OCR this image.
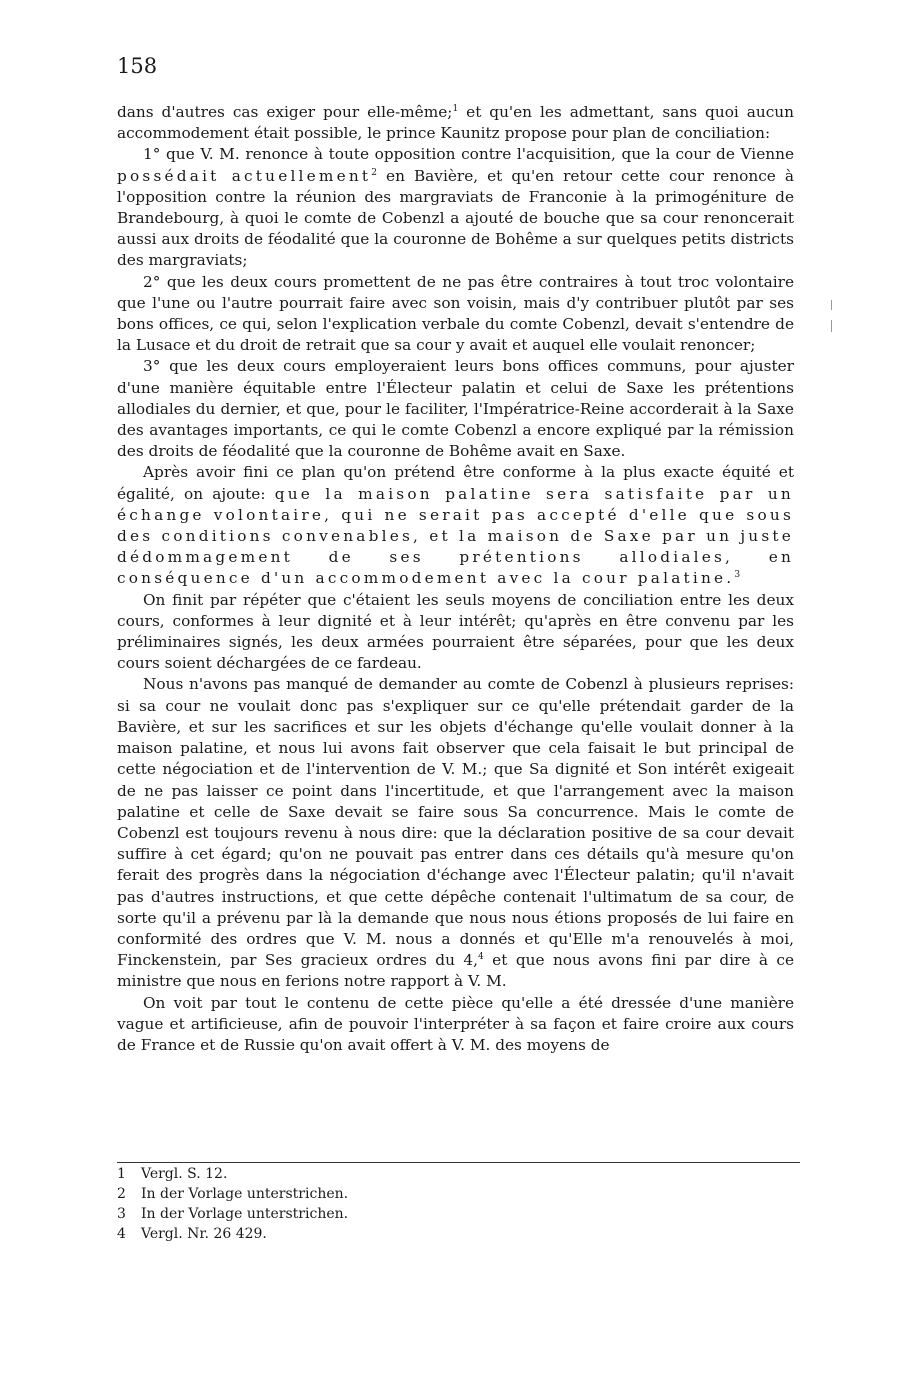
158

dans d'autres cas exiger pour elle-même;$^1$ et qu'en les admettant, sans quoi aucun accommodement était possible, le prince Kaunitz propose pour plan de conciliation:

1° que V. M. renonce à toute opposition contre l'acquisition, que la cour de Vienne possédait actuellement$^2$ en Bavière, et qu'en retour cette cour renonce à l'opposition contre la réunion des margraviats de Franconie à la primogéniture de Brandebourg, à quoi le comte de Cobenzl a ajouté de bouche que sa cour renoncerait aussi aux droits de féodalité que la couronne de Bohême a sur quelques petits districts des margraviats;

2° que les deux cours promettent de ne pas être contraires à tout troc volontaire que l'une ou l'autre pourrait faire avec son voisin, mais d'y contribuer plutôt par ses bons offices, ce qui, selon l'explication verbale du comte Cobenzl, devait s'entendre de la Lusace et du droit de retrait que sa cour y avait et auquel elle voulait renoncer;

3° que les deux cours employeraient leurs bons offices communs, pour ajuster d'une manière équitable entre l'Électeur palatin et celui de Saxe les prétentions allodiales du dernier, et que, pour le faciliter, l'Impératrice-Reine accorderait à la Saxe des avantages importants, ce qui le comte Cobenzl a encore expliqué par la rémission des droits de féodalité que la couronne de Bohême avait en Saxe.

Après avoir fini ce plan qu'on prétend être conforme à la plus exacte équité et égalité, on ajoute: que la maison palatine sera satisfaite par un échange volontaire, qui ne serait pas accepté d'elle que sous des conditions convenables, et la maison de Saxe par un juste dédommagement de ses prétentions allodiales, en conséquence d'un accommodement avec la cour palatine.$^3$

On finit par répéter que c'étaient les seuls moyens de conciliation entre les deux cours, conformes à leur dignité et à leur intérêt; qu'après en être convenu par les préliminaires signés, les deux armées pourraient être séparées, pour que les deux cours soient déchargées de ce fardeau.

Nous n'avons pas manqué de demander au comte de Cobenzl à plusieurs reprises: si sa cour ne voulait donc pas s'expliquer sur ce qu'elle prétendait garder de la Bavière, et sur les sacrifices et sur les objets d'échange qu'elle voulait donner à la maison palatine, et nous lui avons fait observer que cela faisait le but principal de cette négociation et de l'intervention de V. M.; que Sa dignité et Son intérêt exigeait de ne pas laisser ce point dans l'incertitude, et que l'arrangement avec la maison palatine et celle de Saxe devait se faire sous Sa concurrence. Mais le comte de Cobenzl est toujours revenu à nous dire: que la déclaration positive de sa cour devait suffire à cet égard; qu'on ne pouvait pas entrer dans ces détails qu'à mesure qu'on ferait des progrès dans la négociation d'échange avec l'Électeur palatin; qu'il n'avait pas d'autres instructions, et que cette dépêche contenait l'ultimatum de sa cour, de sorte qu'il a prévenu par là la demande que nous nous étions proposés de lui faire en conformité des ordres que V. M. nous a donnés et qu'Elle m'a renouvelés à moi, Finckenstein, par Ses gracieux ordres du 4,$^4$ et que nous avons fini par dire à ce ministre que nous en ferions notre rapport à V. M.

On voit par tout le contenu de cette pièce qu'elle a été dressée d'une manière vague et artificieuse, afin de pouvoir l'interpréter à sa façon et faire croire aux cours de France et de Russie qu'on avait offert à V. M. des moyens de

1 Vergl. S. 12.

2 In der Vorlage unterstrichen.

3 In der Vorlage unterstrichen.

4 Vergl. Nr. 26 429.
